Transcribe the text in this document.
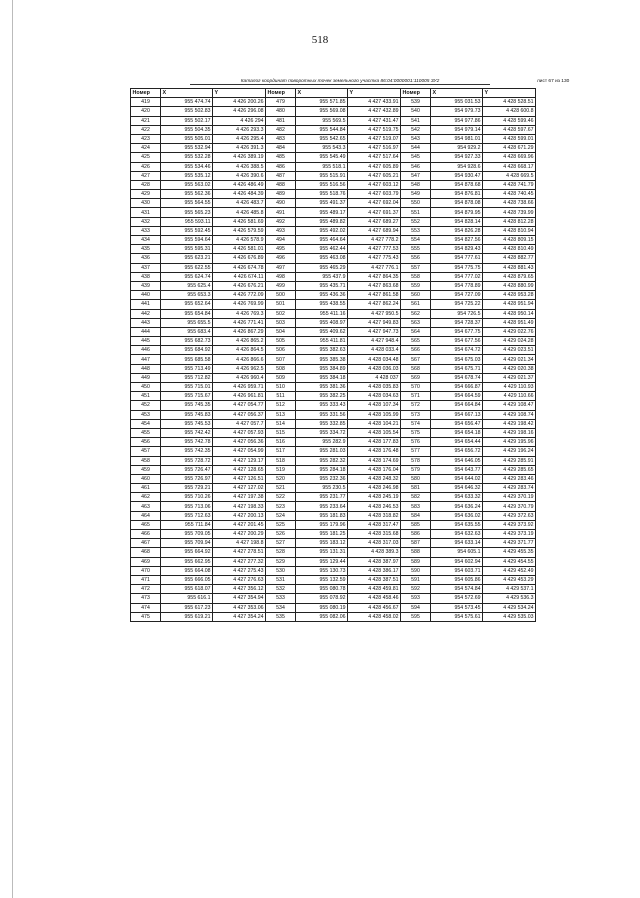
518
Каталог координат поворотных точек земельного участка 86:04:0000001:110005 ЗУ2	лист 67 из 130
Номер	X	Y	Номер	X	Y	Номер	X	Y
419	955 474.74	4 426 200.26	479	955 571.85	4 427 433.91	539	955 031.53	4 428 528.51
420	955 502.83	4 426 296.08	480	955 569.08	4 427 432.89	540	954 979.73	4 428 600.8
421	955 502.17	4 426 294	481	955 569.5	4 427 431.47	541	954 977.86	4 428 599.46
422	955 504.35	4 426 293.3	482	955 544.84	4 427 519.75	542	954 979.14	4 428 597.67
423	955 505.01	4 426 295.4	483	955 542.65	4 427 519.07	543	954 981.01	4 428 599.01
424	955 532.94	4 426 391.3	484	955 543.3	4 427 516.97	544	954 929.2	4 428 671.29
425	955 532.28	4 426 389.19	485	955 545.49	4 427 517.64	545	954 927.33	4 428 669.96
426	955 534.46	4 426 388.5	486	955 518.1	4 427 605.89	546	954 928.6	4 428 668.17
427	955 535.12	4 426 390.6	487	955 515.91	4 427 605.21	547	954 930.47	4 428 669.5
428	955 563.02	4 426 486.49	488	955 516.56	4 427 603.12	548	954 878.68	4 428 741.79
429	955 562.36	4 426 484.39	489	955 518.76	4 427 603.79	549	954 876.81	4 428 740.45
430	955 564.55	4 426 483.7	490	955 491.37	4 427 692.04	550	954 878.08	4 428 738.66
431	955 565.23	4 426 485.8	491	955 489.17	4 427 691.37	551	954 879.95	4 428 739.99
432	955 593.11	4 426 581.69	492	955 489.82	4 427 689.27	552	954 828.14	4 428 812.28
433	955 592.45	4 426 579.59	493	955 492.02	4 427 689.94	553	954 826.28	4 428 810.94
434	955 594.64	4 426 578.9	494	955 464.64	4 427 778.2	554	954 827.56	4 428 809.15
435	955 595.31	4 426 581.01	495	955 462.44	4 427 777.53	555	954 829.43	4 428 810.49
436	955 623.21	4 426 676.89	496	955 463.08	4 427 775.43	556	954 777.61	4 428 882.77
437	955 622.55	4 426 674.78	497	955 465.29	4 427 776.1	557	954 775.75	4 428 881.43
438	955 624.74	4 426 674.11	498	955 437.9	4 427 864.35	558	954 777.02	4 428 879.65
439	955 625.4	4 426 676.21	499	955 435.71	4 427 863.68	559	954 778.89	4 428 880.99
440	955 653.3	4 426 772.09	500	955 436.36	4 427 861.58	560	954 727.09	4 428 953.28
441	955 652.64	4 426 769.99	501	955 438.55	4 427 862.24	561	954 725.22	4 428 951.94
442	955 654.84	4 426 769.3	502	955 411.16	4 427 950.5	562	954 726.5	4 428 950.14
443	955 655.5	4 426 771.41	503	955 408.97	4 427 949.83	563	954 728.37	4 428 951.49
444	955 683.4	4 426 867.29	504	955 409.62	4 427 947.73	564	954 677.75	4 429 022.76
445	955 682.73	4 426 865.2	505	955 411.81	4 427 948.4	565	954 677.56	4 429 024.28
446	955 684.92	4 426 864.5	506	955 382.63	4 428 033.4	566	954 674.72	4 429 023.51
447	955 685.58	4 426 866.6	507	955 385.38	4 428 034.48	567	954 675.03	4 429 021.34
448	955 713.49	4 426 962.5	508	955 384.89	4 428 036.03	568	954 675.71	4 429 020.38
449	955 712.82	4 426 960.4	509	955 384.18	4 428 037	569	954 678.74	4 429 021.37
450	955 715.01	4 426 959.71	510	955 381.36	4 428 035.83	570	954 666.87	4 429 110.93
451	955 715.67	4 426 961.81	511	955 382.25	4 428 034.63	571	954 664.59	4 429 110.66
452	955 745.35	4 427 054.77	512	955 333.43	4 428 107.34	572	954 664.84	4 429 108.47
453	955 745.83	4 427 056.37	513	955 331.56	4 428 105.99	573	954 667.13	4 429 108.74
454	955 745.53	4 427 057.7	514	955 332.85	4 428 104.21	574	954 656.47	4 429 198.42
455	955 742.42	4 427 057.93	515	955 334.72	4 428 105.54	575	954 654.18	4 429 198.16
456	955 742.78	4 427 056.36	516	955 282.9	4 428 177.83	576	954 654.44	4 429 195.96
457	955 742.35	4 427 054.99	517	955 281.03	4 428 176.48	577	954 656.72	4 429 196.24
458	955 728.72	4 427 129.17	518	955 282.32	4 428 174.69	578	954 646.05	4 429 285.91
459	955 726.47	4 427 128.65	519	955 284.18	4 428 176.04	579	954 643.77	4 429 285.65
460	955 726.97	4 427 126.51	520	955 232.36	4 428 248.32	580	954 644.02	4 429 283.46
461	955 729.21	4 427 127.02	521	955 230.5	4 428 246.98	581	954 646.32	4 429 283.74
462	955 710.26	4 427 197.38	522	955 231.77	4 428 245.19	582	954 633.32	4 429 370.19
463	955 713.06	4 427 198.33	523	955 233.64	4 428 246.53	583	954 636.24	4 429 370.79
464	955 712.63	4 427 200.13	524	955 181.83	4 428 318.82	584	954 636.02	4 429 372.63
465	955 711.84	4 427 201.45	525	955 179.96	4 428 317.47	585	954 635.55	4 429 373.92
466	955 709.05	4 427 200.29	526	955 181.25	4 428 315.68	586	954 632.63	4 429 373.19
467	955 709.94	4 427 198.8	527	955 183.12	4 428 317.03	587	954 633.14	4 429 371.77
468	955 664.92	4 427 278.51	528	955 131.31	4 428 389.3	588	954 605.1	4 429 455.35
469	955 662.95	4 427 277.32	529	955 129.44	4 428 387.97	589	954 602.94	4 429 454.55
470	955 664.08	4 427 275.43	530	955 130.73	4 428 386.17	590	954 603.71	4 429 452.49
471	955 666.05	4 427 276.63	531	955 132.59	4 428 387.51	591	954 605.86	4 429 453.29
472	955 618.07	4 427 356.12	532	955 080.78	4 428 459.81	592	954 574.84	4 429 537.1
473	955 616.1	4 427 354.94	533	955 078.92	4 428 458.46	593	954 572.69	4 429 536.3
474	955 617.23	4 427 353.06	534	955 080.19	4 428 456.67	594	954 573.45	4 429 534.24
475	955 619.21	4 427 354.24	535	955 082.06	4 428 458.02	595	954 575.61	4 429 535.03
